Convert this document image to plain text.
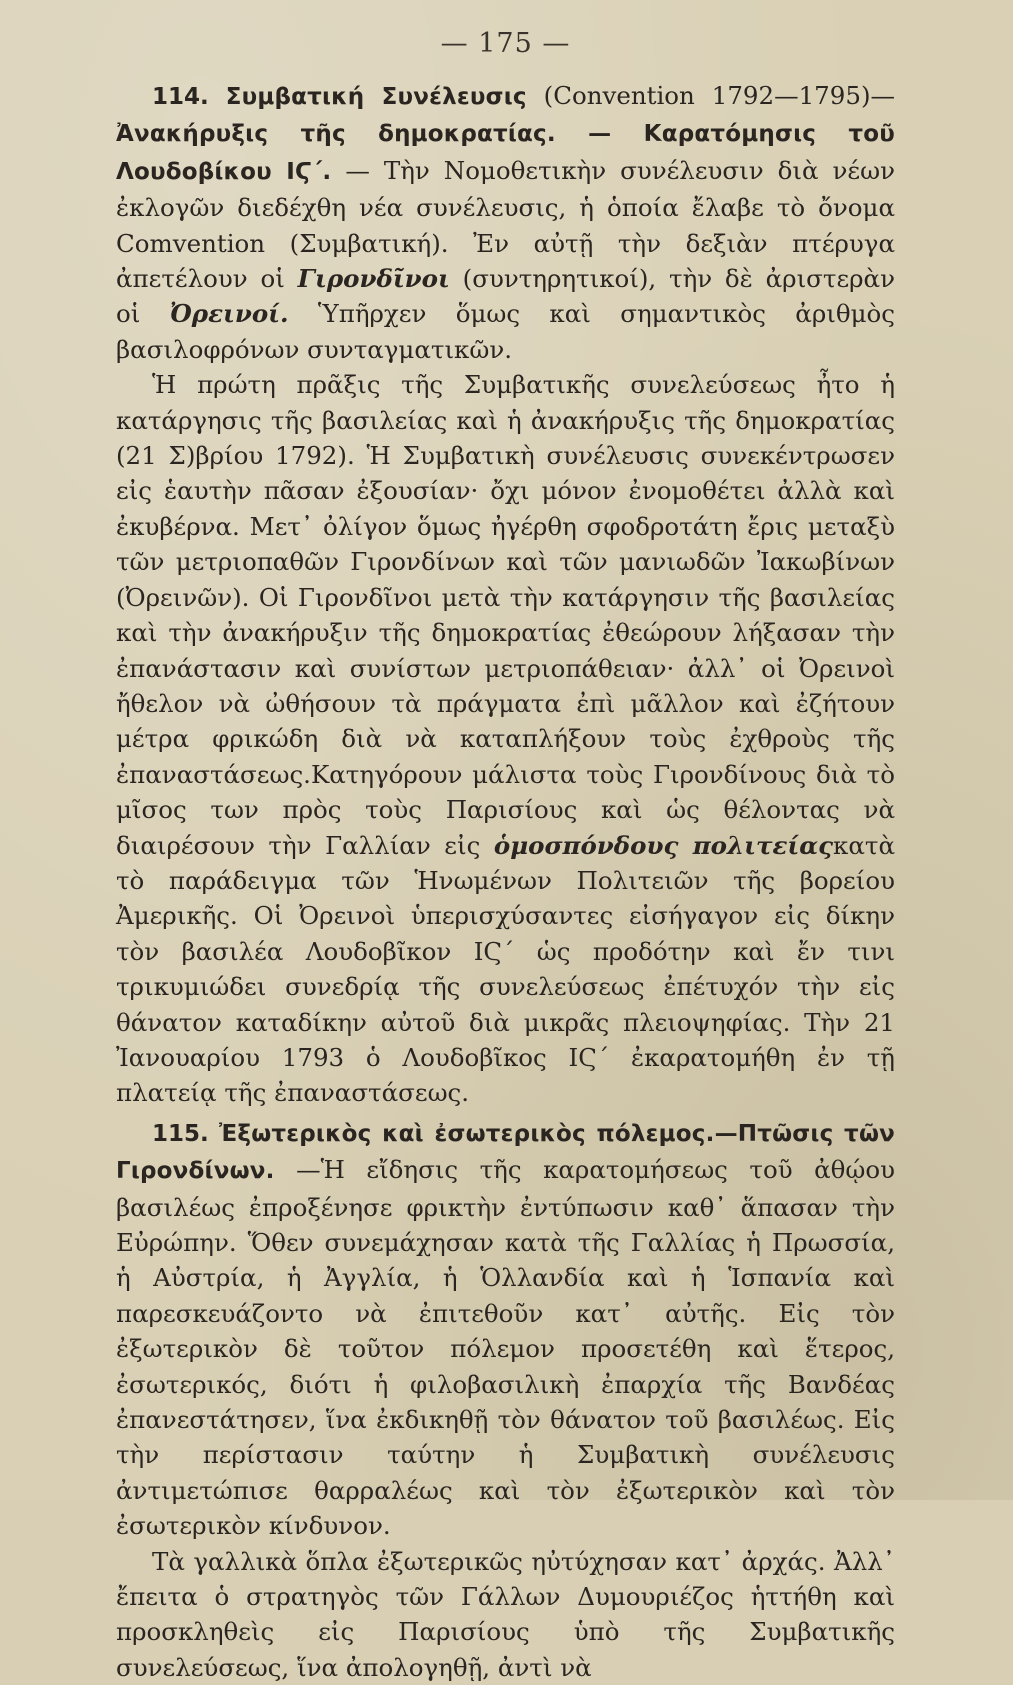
— 175 —

114. Συμβατική Συνέλευσις (Convention 1792—1795)— Ἀνακήρυξις τῆς δημοκρατίας. — Καρατόμησις τοῦ Λουδοβίκου ΙϚ΄. — Τὴν Νομοθετικὴν συνέλευσιν διὰ νέων ἐκλογῶν διεδέχθη νέα συνέλευσις, ἡ ὁποία ἔλαβε τὸ ὄνομα Comvention (Συμβατική). Ἐν αὐτῇ τὴν δεξιὰν πτέρυγα ἀπετέλουν οἱ Γιρονδῖνοι (συντηρητικοί), τὴν δὲ ἀριστερὰν οἱ Ὀρεινοί. Ὑπῆρχεν ὅμως καὶ σημαντικὸς ἀριθμὸς βασιλοφρόνων συνταγματικῶν.

Ἡ πρώτη πρᾶξις τῆς Συμβατικῆς συνελεύσεως ἦτο ἡ κατάργησις τῆς βασιλείας καὶ ἡ ἀνακήρυξις τῆς δημοκρατίας (21 Σ)βρίου 1792). Ἡ Συμβατικὴ συνέλευσις συνεκέντρωσεν εἰς ἑαυτὴν πᾶσαν ἐξουσίαν· ὄχι μόνον ἐνομοθέτει ἀλλὰ καὶ ἐκυβέρνα. Μετ᾿ ὀλίγον ὅμως ἠγέρθη σφοδροτάτη ἔρις μεταξὺ τῶν μετριοπαθῶν Γιρονδίνων καὶ τῶν μανιωδῶν Ἰακωβίνων (Ὀρεινῶν). Οἱ Γιρονδῖνοι μετὰ τὴν κατάργησιν τῆς βασιλείας καὶ τὴν ἀνακήρυξιν τῆς δημοκρατίας ἐθεώρουν λήξασαν τὴν ἐπανάστασιν καὶ συνίστων μετριοπάθειαν· ἀλλ᾿ οἱ Ὀρεινοὶ ἤθελον νὰ ὠθήσουν τὰ πράγματα ἐπὶ μᾶλλον καὶ ἐζήτουν μέτρα φρικώδη διὰ νὰ καταπλήξουν τοὺς ἐχθροὺς τῆς ἐπαναστάσεως.Κατηγόρουν μάλιστα τοὺς Γιρονδίνους διὰ τὸ μῖσος των πρὸς τοὺς Παρισίους καὶ ὡς θέλοντας νὰ διαιρέσουν τὴν Γαλλίαν εἰς ὁμοσπόνδους πολιτείαςκατὰ τὸ παράδειγμα τῶν Ἡνωμένων Πολιτειῶν τῆς βορείου Ἀμερικῆς. Οἱ Ὀρεινοὶ ὑπερισχύσαντες εἰσήγαγον εἰς δίκην τὸν βασιλέα Λουδοβῖκον ΙϚ΄ ὡς προδότην καὶ ἔν τινι τρικυμιώδει συνεδρίᾳ τῆς συνελεύσεως ἐπέτυχόν τὴν εἰς θάνατον καταδίκην αὐτοῦ διὰ μικρᾶς πλειοψηφίας. Τὴν 21 Ἰανουαρίου 1793 ὁ Λουδοβῖκος ΙϚ΄ ἐκαρατομήθη ἐν τῇ πλατείᾳ τῆς ἐπαναστάσεως.

115. Ἐξωτερικὸς καὶ ἐσωτερικὸς πόλεμος.—Πτῶσις τῶν Γιρονδίνων. —Ἡ εἴδησις τῆς καρατομήσεως τοῦ ἀθῴου βασιλέως ἐπροξένησε φρικτὴν ἐντύπωσιν καθ᾿ ἅπασαν τὴν Εὐρώπην. Ὅθεν συνεμάχησαν κατὰ τῆς Γαλλίας ἡ Πρωσσία, ἡ Αὐστρία, ἡ Ἀγγλία, ἡ Ὁλλανδία καὶ ἡ Ἱσπανία καὶ παρεσκευάζοντο νὰ ἐπιτεθοῦν κατ᾿ αὐτῆς. Εἰς τὸν ἐξωτερικὸν δὲ τοῦτον πόλεμον προσετέθη καὶ ἕτερος, ἐσωτερικός, διότι ἡ φιλοβασιλικὴ ἐπαρχία τῆς Βανδέας ἐπανεστάτησεν, ἵνα ἐκδικηθῇ τὸν θάνατον τοῦ βασιλέως. Εἰς τὴν περίστασιν ταύτην ἡ Συμβατικὴ συνέλευσις ἀντιμετώπισε θαρραλέως καὶ τὸν ἐξωτερικὸν καὶ τὸν ἐσωτερικὸν κίνδυνον.

Τὰ γαλλικὰ ὅπλα ἐξωτερικῶς ηὐτύχησαν κατ᾿ ἀρχάς. Ἀλλ᾿ ἔπειτα ὁ στρατηγὸς τῶν Γάλλων Δυμουριέζος ἡττήθη καὶ προσκληθεὶς εἰς Παρισίους ὑπὸ τῆς Συμβατικῆς συνελεύσεως, ἵνα ἀπολογηθῇ, ἀντὶ νὰ
